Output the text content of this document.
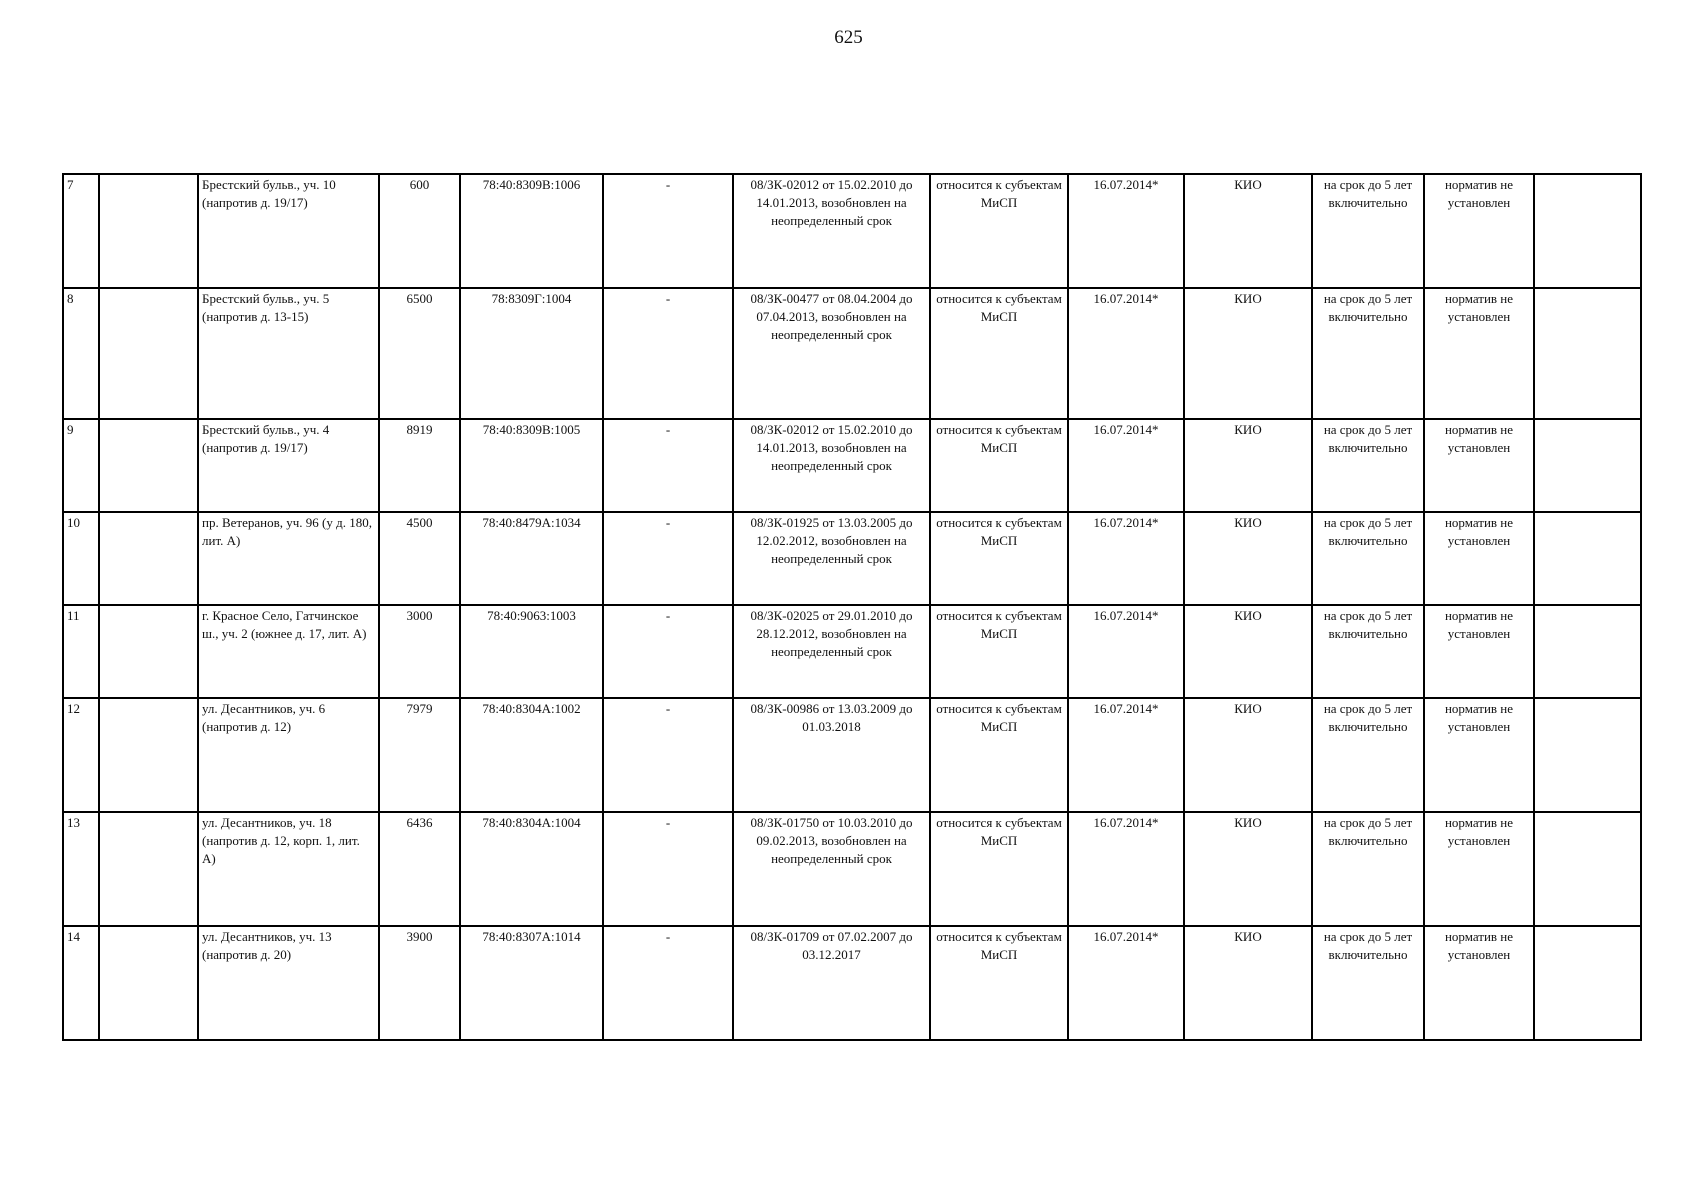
625
7		Брестский бульв., уч. 10 (напротив д. 19/17)	600	78:40:8309В:1006	-	08/ЗК-02012 от 15.02.2010 до 14.01.2013, возобновлен на неопределенный срок	относится к субъектам МиСП	16.07.2014*	КИО	на срок до 5 лет включительно	норматив не установлен	
8		Брестский бульв., уч. 5 (напротив д. 13-15)	6500	78:8309Г:1004	-	08/ЗК-00477 от 08.04.2004 до 07.04.2013, возобновлен на неопределенный срок	относится к субъектам МиСП	16.07.2014*	КИО	на срок до 5 лет включительно	норматив не установлен	
9		Брестский бульв., уч. 4 (напротив д. 19/17)	8919	78:40:8309В:1005	-	08/ЗК-02012 от 15.02.2010 до 14.01.2013, возобновлен на неопределенный срок	относится к субъектам МиСП	16.07.2014*	КИО	на срок до 5 лет включительно	норматив не установлен	
10		пр. Ветеранов, уч. 96 (у д. 180, лит. А)	4500	78:40:8479А:1034	-	08/ЗК-01925 от 13.03.2005 до 12.02.2012, возобновлен на неопределенный срок	относится к субъектам МиСП	16.07.2014*	КИО	на срок до 5 лет включительно	норматив не установлен	
11		г. Красное Село, Гатчинское ш., уч. 2 (южнее д. 17, лит. А)	3000	78:40:9063:1003	-	08/ЗК-02025 от 29.01.2010 до 28.12.2012, возобновлен на неопределенный срок	относится к субъектам МиСП	16.07.2014*	КИО	на срок до 5 лет включительно	норматив не установлен	
12		ул. Десантников, уч. 6 (напротив д. 12)	7979	78:40:8304А:1002	-	08/ЗК-00986 от 13.03.2009 до 01.03.2018	относится к субъектам МиСП	16.07.2014*	КИО	на срок до 5 лет включительно	норматив не установлен	
13		ул. Десантников, уч. 18 (напротив д. 12, корп. 1, лит. А)	6436	78:40:8304А:1004	-	08/ЗК-01750 от 10.03.2010 до 09.02.2013, возобновлен на неопределенный срок	относится к субъектам МиСП	16.07.2014*	КИО	на срок до 5 лет включительно	норматив не установлен	
14		ул. Десантников, уч. 13 (напротив д. 20)	3900	78:40:8307А:1014	-	08/ЗК-01709 от 07.02.2007 до 03.12.2017	относится к субъектам МиСП	16.07.2014*	КИО	на срок до 5 лет включительно	норматив не установлен	
